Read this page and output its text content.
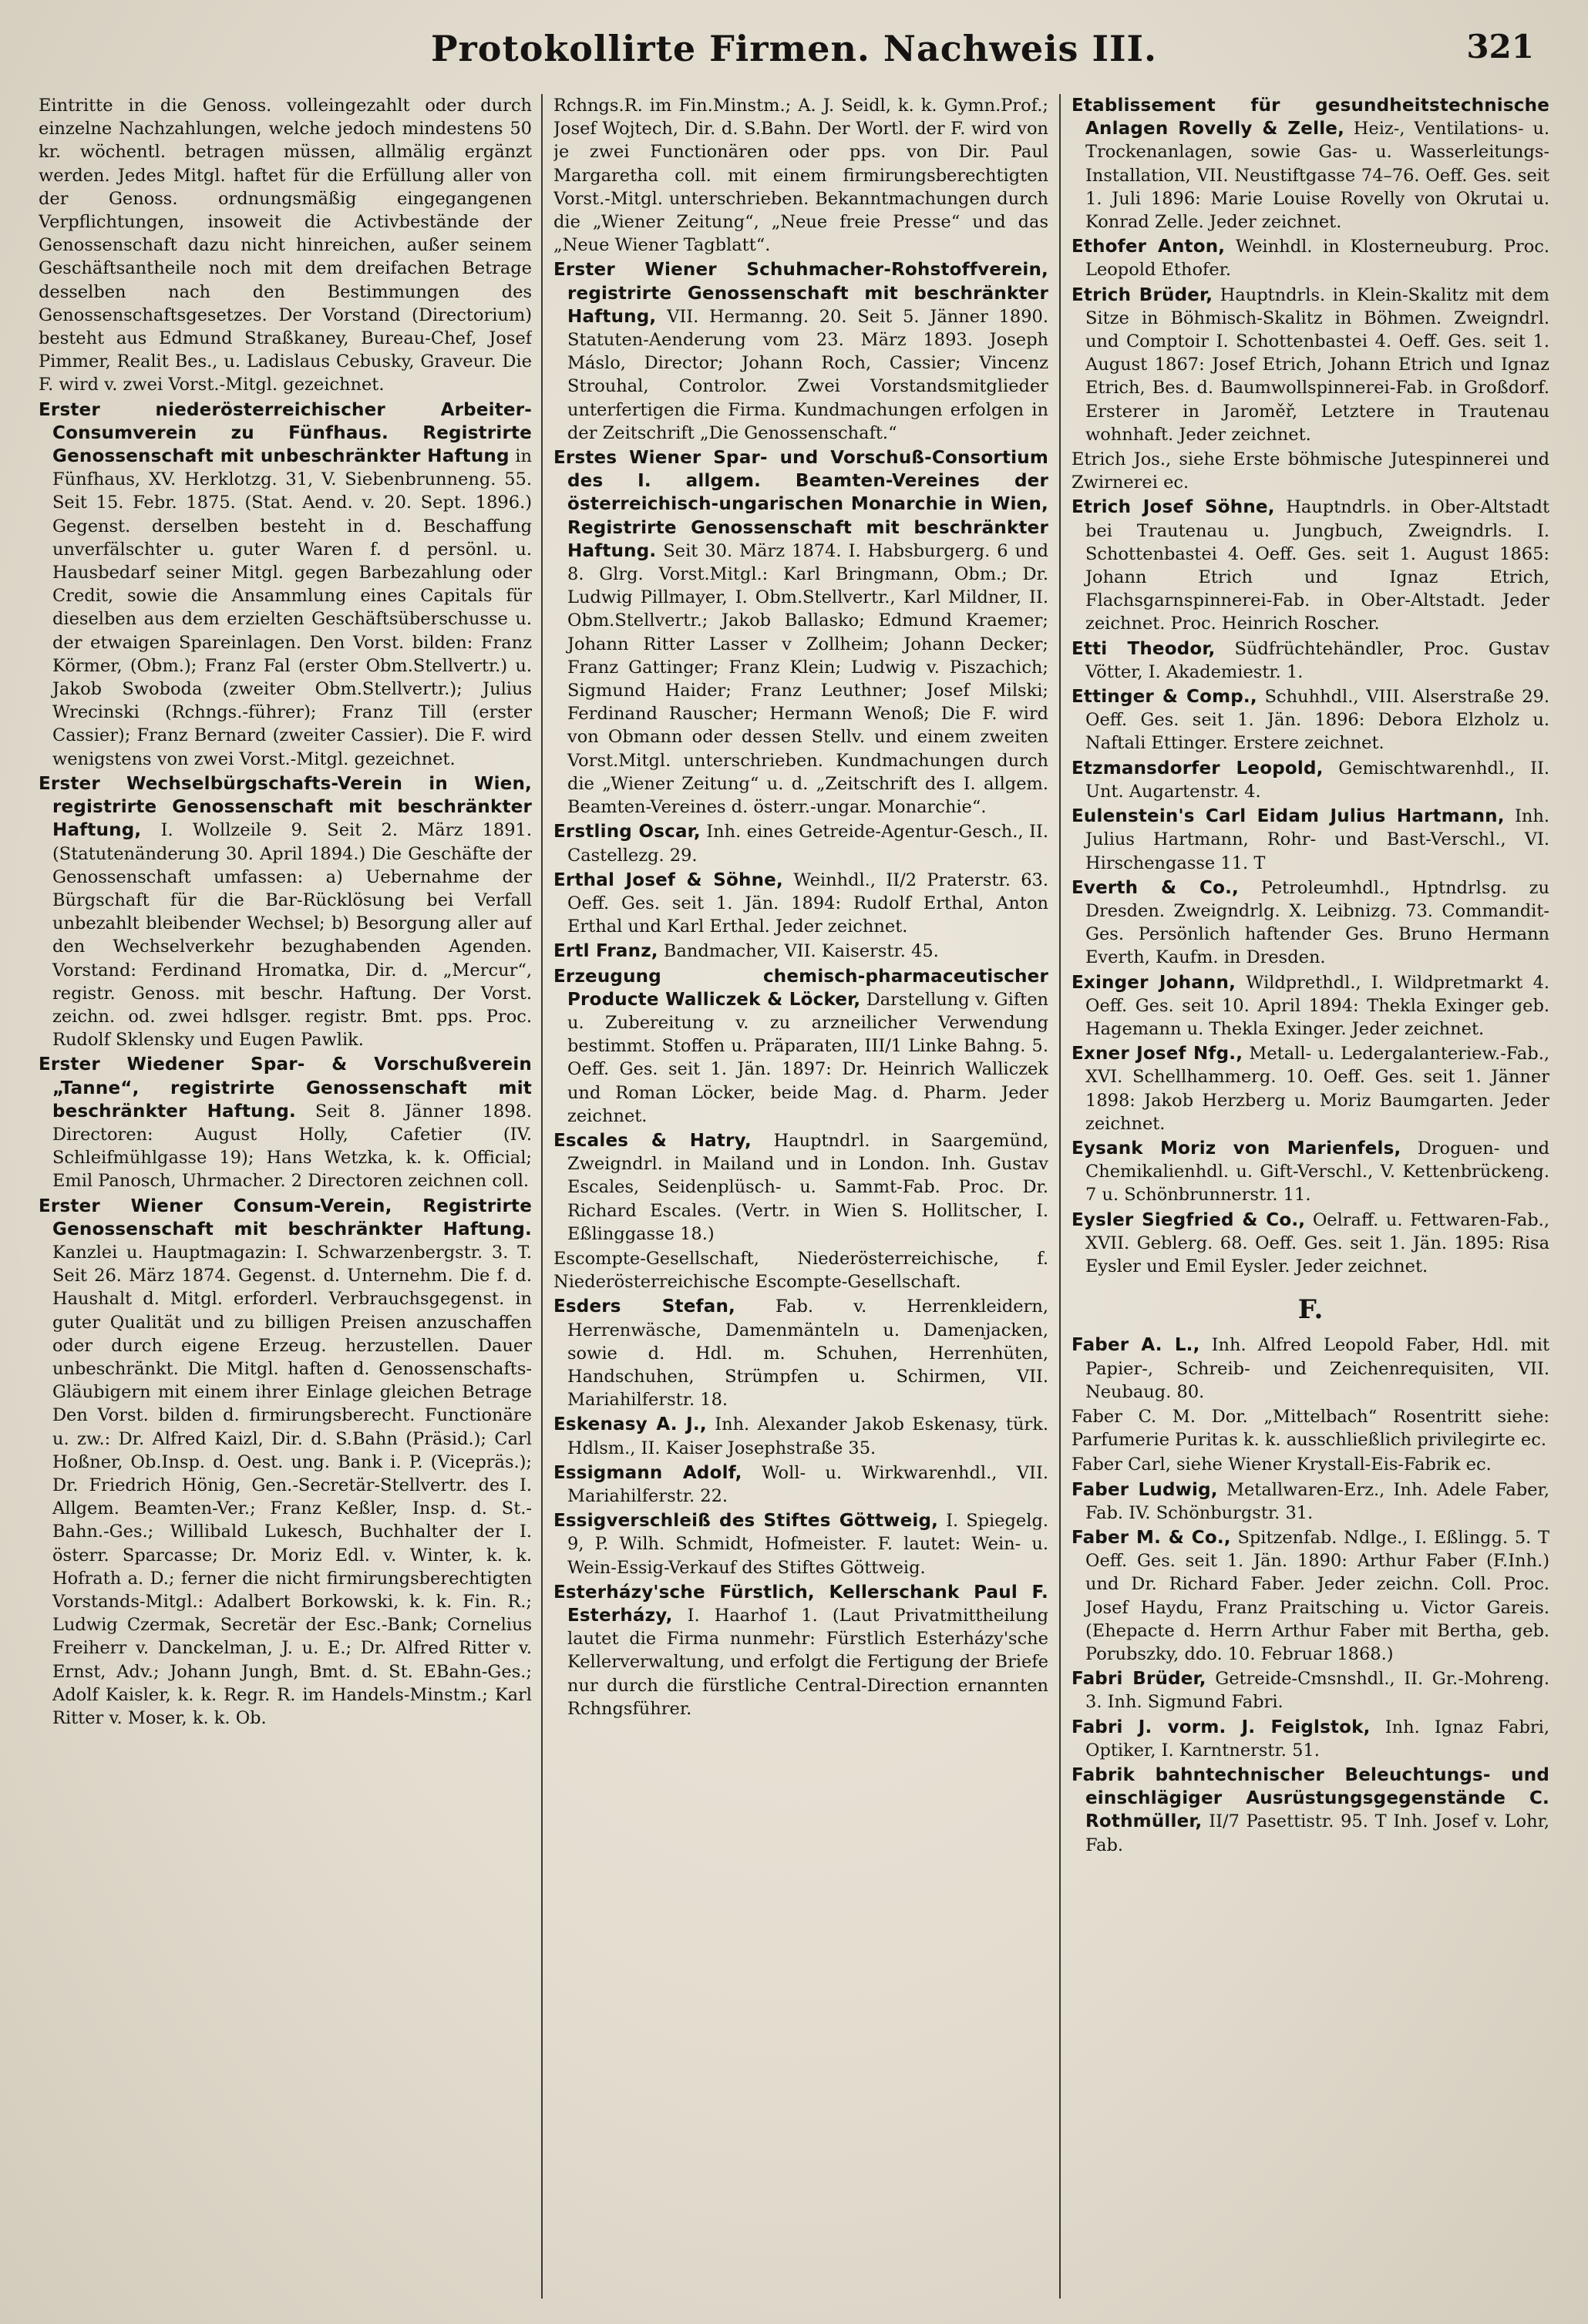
Protokollirte Firmen. Nachweis III.	321

Eintritte in die Genoss. volleingezahlt oder durch einzelne Nachzahlungen, welche jedoch mindestens 50 kr. wöchentl. betragen müssen, allmälig ergänzt werden. Jedes Mitgl. haftet für die Erfüllung aller von der Genoss. ordnungsmäßig eingegangenen Verpflichtungen, insoweit die Activbestände der Genossenschaft dazu nicht hinreichen, außer seinem Geschäftsantheile noch mit dem dreifachen Betrage desselben nach den Bestimmungen des Genossenschaftsgesetzes. Der Vorstand (Directorium) besteht aus Edmund Straßkaney, Bureau-Chef, Josef Pimmer, Realit Bes., u. Ladislaus Cebusky, Graveur. Die F. wird v. zwei Vorst.-Mitgl. gezeichnet.

Erster niederösterreichischer Arbeiter-Consumverein zu Fünfhaus. Registrirte Genossenschaft mit unbeschränkter Haftung in Fünfhaus, XV. Herklotzg. 31, V. Siebenbrunneng. 55. Seit 15. Febr. 1875. (Stat. Aend. v. 20. Sept. 1896.) Gegenst. derselben besteht in d. Beschaffung unverfälschter u. guter Waren f. d persönl. u. Hausbedarf seiner Mitgl. gegen Barbezahlung oder Credit, sowie die Ansammlung eines Capitals für dieselben aus dem erzielten Geschäftsüberschusse u. der etwaigen Spareinlagen. Den Vorst. bilden: Franz Körmer, (Obm.); Franz Fal (erster Obm.Stellvertr.) u. Jakob Swoboda (zweiter Obm.Stellvertr.); Julius Wrecinski (Rchngs.-führer); Franz Till (erster Cassier); Franz Bernard (zweiter Cassier). Die F. wird wenigstens von zwei Vorst.-Mitgl. gezeichnet.

Erster Wechselbürgschafts-Verein in Wien, registrirte Genossenschaft mit beschränkter Haftung, I. Wollzeile 9. Seit 2. März 1891. (Statutenänderung 30. April 1894.) Die Geschäfte der Genossenschaft umfassen: a) Uebernahme der Bürgschaft für die Bar-Rücklösung bei Verfall unbezahlt bleibender Wechsel; b) Besorgung aller auf den Wechselverkehr bezughabenden Agenden. Vorstand: Ferdinand Hromatka, Dir. d. „Mercur“, registr. Genoss. mit beschr. Haftung. Der Vorst. zeichn. od. zwei hdlsger. registr. Bmt. pps. Proc. Rudolf Sklensky und Eugen Pawlik.

Erster Wiedener Spar- & Vorschußverein „Tanne“, registrirte Genossenschaft mit beschränkter Haftung. Seit 8. Jänner 1898. Directoren: August Holly, Cafetier (IV. Schleifmühlgasse 19); Hans Wetzka, k. k. Official; Emil Panosch, Uhrmacher. 2 Directoren zeichnen coll.

Erster Wiener Consum-Verein, Registrirte Genossenschaft mit beschränkter Haftung. Kanzlei u. Hauptmagazin: I. Schwarzenbergstr. 3. T. Seit 26. März 1874. Gegenst. d. Unternehm. Die f. d. Haushalt d. Mitgl. erforderl. Verbrauchsgegenst. in guter Qualität und zu billigen Preisen anzuschaffen oder durch eigene Erzeug. herzustellen. Dauer unbeschränkt. Die Mitgl. haften d. Genossenschafts-Gläubigern mit einem ihrer Einlage gleichen Betrage Den Vorst. bilden d. firmirungsberecht. Functionäre u. zw.: Dr. Alfred Kaizl, Dir. d. S.Bahn (Präsid.); Carl Hoßner, Ob.Insp. d. Oest. ung. Bank i. P. (Vicepräs.); Dr. Friedrich Hönig, Gen.-Secretär-Stellvertr. des I. Allgem. Beamten-Ver.; Franz Keßler, Insp. d. St.-Bahn.-Ges.; Willibald Lukesch, Buchhalter der I. österr. Sparcasse; Dr. Moriz Edl. v. Winter, k. k. Hofrath a. D.; ferner die nicht firmirungsberechtigten Vorstands-Mitgl.: Adalbert Borkowski, k. k. Fin. R.; Ludwig Czermak, Secretär der Esc.-Bank; Cornelius Freiherr v. Danckelman, J. u. E.; Dr. Alfred Ritter v. Ernst, Adv.; Johann Jungh, Bmt. d. St. EBahn-Ges.; Adolf Kaisler, k. k. Regr. R. im Handels-Minstm.; Karl Ritter v. Moser, k. k. Ob.

Rchngs.R. im Fin.Minstm.; A. J. Seidl, k. k. Gymn.Prof.; Josef Wojtech, Dir. d. S.Bahn. Der Wortl. der F. wird von je zwei Functionären oder pps. von Dir. Paul Margaretha coll. mit einem firmirungsberechtigten Vorst.-Mitgl. unterschrieben. Bekanntmachungen durch die „Wiener Zeitung“, „Neue freie Presse“ und das „Neue Wiener Tagblatt“.

Erster Wiener Schuhmacher-Rohstoffverein, registrirte Genossenschaft mit beschränkter Haftung, VII. Hermanng. 20. Seit 5. Jänner 1890. Statuten-Aenderung vom 23. März 1893. Joseph Máslo, Director; Johann Roch, Cassier; Vincenz Strouhal, Controlor. Zwei Vorstandsmitglieder unterfertigen die Firma. Kundmachungen erfolgen in der Zeitschrift „Die Genossenschaft.“

Erstes Wiener Spar- und Vorschuß-Consortium des I. allgem. Beamten-Vereines der österreichisch-ungarischen Monarchie in Wien, Registrirte Genossenschaft mit beschränkter Haftung. Seit 30. März 1874. I. Habsburgerg. 6 und 8. Glrg. Vorst.Mitgl.: Karl Bringmann, Obm.; Dr. Ludwig Pillmayer, I. Obm.Stellvertr., Karl Mildner, II. Obm.Stellvertr.; Jakob Ballasko; Edmund Kraemer; Johann Ritter Lasser v Zollheim; Johann Decker; Franz Gattinger; Franz Klein; Ludwig v. Piszachich; Sigmund Haider; Franz Leuthner; Josef Milski; Ferdinand Rauscher; Hermann Wenoß; Die F. wird von Obmann oder dessen Stellv. und einem zweiten Vorst.Mitgl. unterschrieben. Kundmachungen durch die „Wiener Zeitung“ u. d. „Zeitschrift des I. allgem. Beamten-Vereines d. österr.-ungar. Monarchie“.

Erstling Oscar, Inh. eines Getreide-Agentur-Gesch., II. Castellezg. 29.

Erthal Josef & Söhne, Weinhdl., II/2 Praterstr. 63. Oeff. Ges. seit 1. Jän. 1894: Rudolf Erthal, Anton Erthal und Karl Erthal. Jeder zeichnet.

Ertl Franz, Bandmacher, VII. Kaiserstr. 45.

Erzeugung chemisch-pharmaceutischer Producte Walliczek & Löcker, Darstellung v. Giften u. Zubereitung v. zu arzneilicher Verwendung bestimmt. Stoffen u. Präparaten, III/1 Linke Bahng. 5. Oeff. Ges. seit 1. Jän. 1897: Dr. Heinrich Walliczek und Roman Löcker, beide Mag. d. Pharm. Jeder zeichnet.

Escales & Hatry, Hauptndrl. in Saargemünd, Zweigndrl. in Mailand und in London. Inh. Gustav Escales, Seidenplüsch- u. Sammt-Fab. Proc. Dr. Richard Escales. (Vertr. in Wien S. Hollitscher, I. Eßlinggasse 18.)

Escompte-Gesellschaft, Niederösterreichische, f. Niederösterreichische Escompte-Gesellschaft.

Esders Stefan, Fab. v. Herrenkleidern, Herrenwäsche, Damenmänteln u. Damenjacken, sowie d. Hdl. m. Schuhen, Herrenhüten, Handschuhen, Strümpfen u. Schirmen, VII. Mariahilferstr. 18.

Eskenasy A. J., Inh. Alexander Jakob Eskenasy, türk. Hdlsm., II. Kaiser Josephstraße 35.

Essigmann Adolf, Woll- u. Wirkwarenhdl., VII. Mariahilferstr. 22.

Essigverschleiß des Stiftes Göttweig, I. Spiegelg. 9, P. Wilh. Schmidt, Hofmeister. F. lautet: Wein- u. Wein-Essig-Verkauf des Stiftes Göttweig.

Esterházy'sche Fürstlich, Kellerschank Paul F. Esterházy, I. Haarhof 1. (Laut Privatmittheilung lautet die Firma nunmehr: Fürstlich Esterházy'sche Kellerverwaltung, und erfolgt die Fertigung der Briefe nur durch die fürstliche Central-Direction ernannten Rchngsführer.

Etablissement für gesundheitstechnische Anlagen Rovelly & Zelle, Heiz-, Ventilations- u. Trockenanlagen, sowie Gas- u. Wasserleitungs-Installation, VII. Neustiftgasse 74–76. Oeff. Ges. seit 1. Juli 1896: Marie Louise Rovelly von Okrutai u. Konrad Zelle. Jeder zeichnet.

Ethofer Anton, Weinhdl. in Klosterneuburg. Proc. Leopold Ethofer.

Etrich Brüder, Hauptndrls. in Klein-Skalitz mit dem Sitze in Böhmisch-Skalitz in Böhmen. Zweigndrl. und Comptoir I. Schottenbastei 4. Oeff. Ges. seit 1. August 1867: Josef Etrich, Johann Etrich und Ignaz Etrich, Bes. d. Baumwollspinnerei-Fab. in Großdorf. Ersterer in Jaroměř, Letztere in Trautenau wohnhaft. Jeder zeichnet.

Etrich Jos., siehe Erste böhmische Jutespinnerei und Zwirnerei ec.

Etrich Josef Söhne, Hauptndrls. in Ober-Altstadt bei Trautenau u. Jungbuch, Zweigndrls. I. Schottenbastei 4. Oeff. Ges. seit 1. August 1865: Johann Etrich und Ignaz Etrich, Flachsgarnspinnerei-Fab. in Ober-Altstadt. Jeder zeichnet. Proc. Heinrich Roscher.

Etti Theodor, Südfrüchtehändler, Proc. Gustav Vötter, I. Akademiestr. 1.

Ettinger & Comp., Schuhhdl., VIII. Alserstraße 29. Oeff. Ges. seit 1. Jän. 1896: Debora Elzholz u. Naftali Ettinger. Erstere zeichnet.

Etzmansdorfer Leopold, Gemischtwarenhdl., II. Unt. Augartenstr. 4.

Eulenstein's Carl Eidam Julius Hartmann, Inh. Julius Hartmann, Rohr- und Bast-Verschl., VI. Hirschengasse 11. T

Everth & Co., Petroleumhdl., Hptndrlsg. zu Dresden. Zweigndrlg. X. Leibnizg. 73. Commandit-Ges. Persönlich haftender Ges. Bruno Hermann Everth, Kaufm. in Dresden.

Exinger Johann, Wildprethdl., I. Wildpretmarkt 4. Oeff. Ges. seit 10. April 1894: Thekla Exinger geb. Hagemann u. Thekla Exinger. Jeder zeichnet.

Exner Josef Nfg., Metall- u. Ledergalanteriew.-Fab., XVI. Schellhammerg. 10. Oeff. Ges. seit 1. Jänner 1898: Jakob Herzberg u. Moriz Baumgarten. Jeder zeichnet.

Eysank Moriz von Marienfels, Droguen- und Chemikalienhdl. u. Gift-Verschl., V. Kettenbrückeng. 7 u. Schönbrunnerstr. 11.

Eysler Siegfried & Co., Oelraff. u. Fettwaren-Fab., XVII. Geblerg. 68. Oeff. Ges. seit 1. Jän. 1895: Risa Eysler und Emil Eysler. Jeder zeichnet.

F.

Faber A. L., Inh. Alfred Leopold Faber, Hdl. mit Papier-, Schreib- und Zeichenrequisiten, VII. Neubaug. 80.

Faber C. M. Dor. „Mittelbach“ Rosentritt siehe: Parfumerie Puritas k. k. ausschließlich privilegirte ec.

Faber Carl, siehe Wiener Krystall-Eis-Fabrik ec.

Faber Ludwig, Metallwaren-Erz., Inh. Adele Faber, Fab. IV. Schönburgstr. 31.

Faber M. & Co., Spitzenfab. Ndlge., I. Eßlingg. 5. T Oeff. Ges. seit 1. Jän. 1890: Arthur Faber (F.Inh.) und Dr. Richard Faber. Jeder zeichn. Coll. Proc. Josef Haydu, Franz Praitsching u. Victor Gareis. (Ehepacte d. Herrn Arthur Faber mit Bertha, geb. Porubszky, ddo. 10. Februar 1868.)

Fabri Brüder, Getreide-Cmsnshdl., II. Gr.-Mohreng. 3. Inh. Sigmund Fabri.

Fabri J. vorm. J. Feiglstok, Inh. Ignaz Fabri, Optiker, I. Karntnerstr. 51.

Fabrik bahntechnischer Beleuchtungs- und einschlägiger Ausrüstungsgegenstände C. Rothmüller, II/7 Pasettistr. 95. T Inh. Josef v. Lohr, Fab.
